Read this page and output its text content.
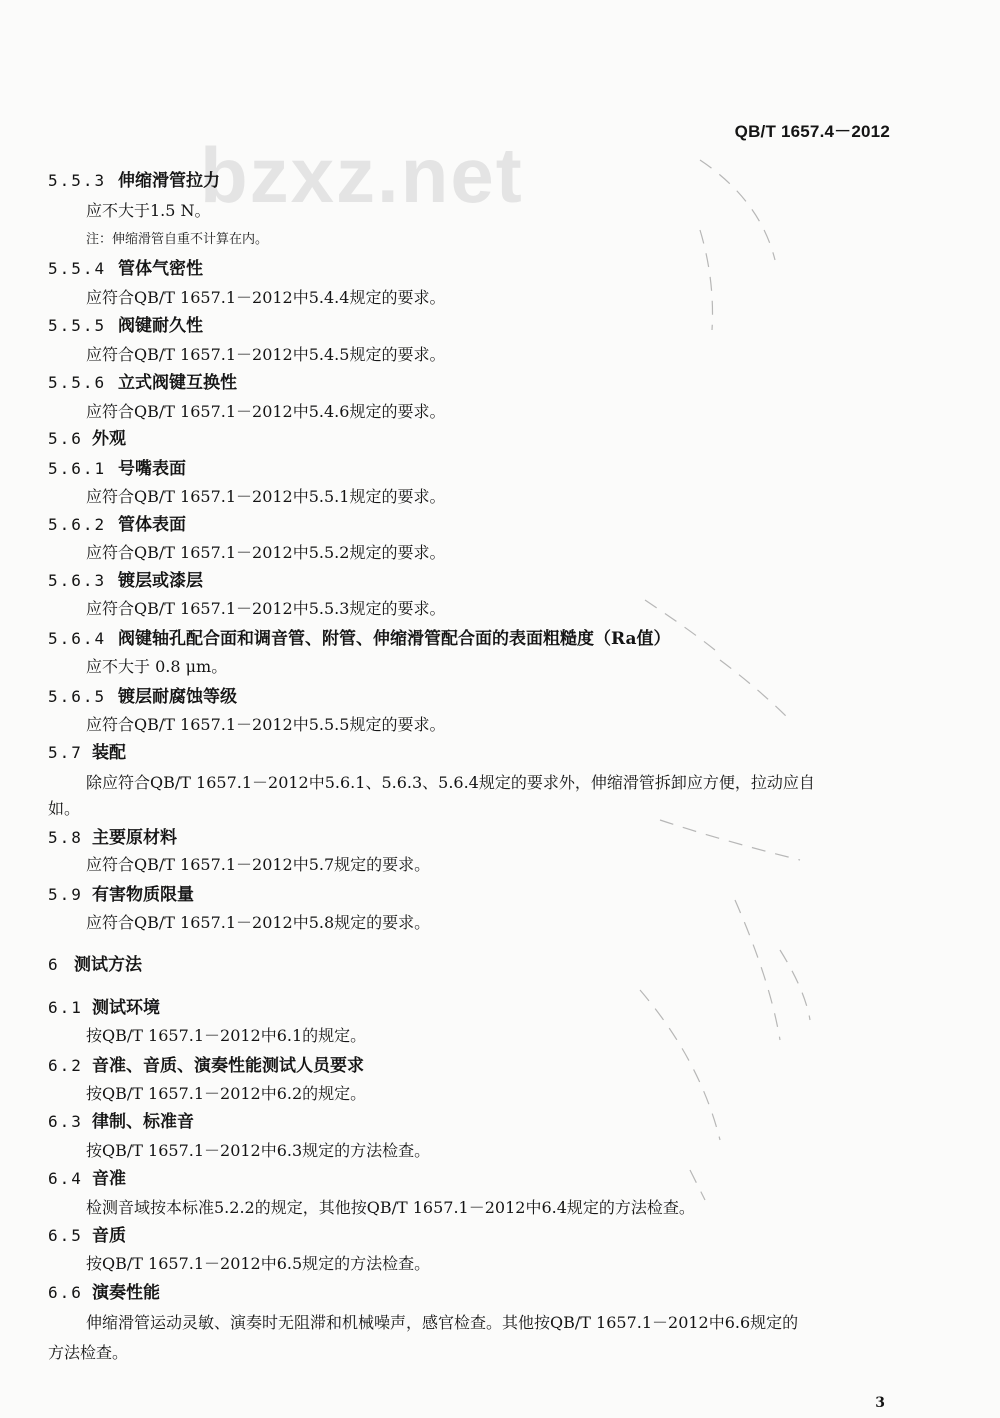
bzxz.net	QB/T 1657.4－2012
5.5.3 伸缩滑管拉力
应不大于1.5 N。
注：伸缩滑管自重不计算在内。
5.5.4 管体气密性
应符合QB/T 1657.1－2012中5.4.4规定的要求。
5.5.5 阀键耐久性
应符合QB/T 1657.1－2012中5.4.5规定的要求。
5.5.6 立式阀键互换性
应符合QB/T 1657.1－2012中5.4.6规定的要求。
5.6 外观
5.6.1 号嘴表面
应符合QB/T 1657.1－2012中5.5.1规定的要求。
5.6.2 管体表面
应符合QB/T 1657.1－2012中5.5.2规定的要求。
5.6.3 镀层或漆层
应符合QB/T 1657.1－2012中5.5.3规定的要求。
5.6.4 阀键轴孔配合面和调音管、附管、伸缩滑管配合面的表面粗糙度（Ra值）
应不大于 0.8 μm。
5.6.5 镀层耐腐蚀等级
应符合QB/T 1657.1－2012中5.5.5规定的要求。
5.7 装配
除应符合QB/T 1657.1－2012中5.6.1、5.6.3、5.6.4规定的要求外，伸缩滑管拆卸应方便，拉动应自
如。
5.8 主要原材料
应符合QB/T 1657.1－2012中5.7规定的要求。
5.9 有害物质限量
应符合QB/T 1657.1－2012中5.8规定的要求。
6 测试方法
6.1 测试环境
按QB/T 1657.1－2012中6.1的规定。
6.2 音准、音质、演奏性能测试人员要求
按QB/T 1657.1－2012中6.2的规定。
6.3 律制、标准音
按QB/T 1657.1－2012中6.3规定的方法检查。
6.4 音准
检测音域按本标准5.2.2的规定，其他按QB/T 1657.1－2012中6.4规定的方法检查。
6.5 音质
按QB/T 1657.1－2012中6.5规定的方法检查。
6.6 演奏性能
伸缩滑管运动灵敏、演奏时无阻滞和机械噪声，感官检查。其他按QB/T 1657.1－2012中6.6规定的
方法检查。
3
